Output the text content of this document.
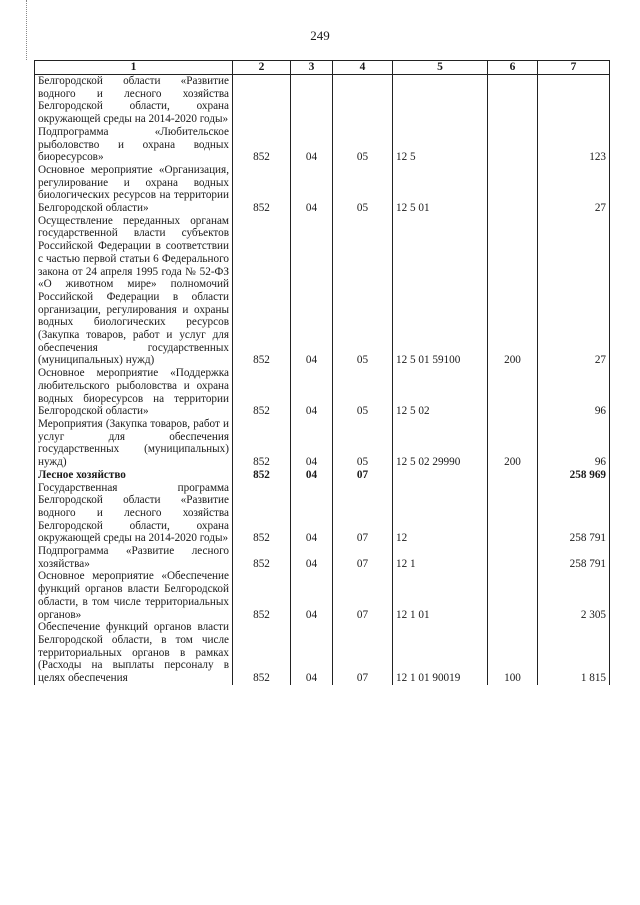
249
1	2	3	4	5	6	7
Белгородской области «Развитие водного и лесного хозяйства Белгородской области, охрана окружающей среды на 2014-2020 годы»						
Подпрограмма «Любительское рыболовство и охрана водных биоресурсов»	852	04	05	12 5		123
Основное мероприятие «Организация, регулирование и охрана водных биологических ресурсов на территории Белгородской области»	852	04	05	12 5 01		27
Осуществление переданных органам государственной власти субъектов Российской Федерации в соответствии с частью первой статьи 6 Федерального закона от 24 апреля 1995 года № 52-ФЗ «О животном мире» полномочий Российской Федерации в области организации, регулирования и охраны водных биологических ресурсов (Закупка товаров, работ и услуг для обеспечения государственных (муниципальных) нужд)	852	04	05	12 5 01 59100	200	27
Основное мероприятие «Поддержка любительского рыболовства и охрана водных биоресурсов на территории Белгородской области»	852	04	05	12 5 02		96
Мероприятия (Закупка товаров, работ и услуг для обеспечения государственных (муниципальных) нужд)	852	04	05	12 5 02 29990	200	96
Лесное хозяйство	852	04	07			258 969
Государственная программа Белгородской области «Развитие водного и лесного хозяйства Белгородской области, охрана окружающей среды на 2014-2020 годы»	852	04	07	12		258 791
Подпрограмма «Развитие лесного хозяйства»	852	04	07	12 1		258 791
Основное мероприятие «Обеспечение функций органов власти Белгородской области, в том числе территориальных органов»	852	04	07	12 1 01		2 305
Обеспечение функций органов власти Белгородской области, в том числе территориальных органов в рамках (Расходы на выплаты персоналу в целях обеспечения	852	04	07	12 1 01 90019	100	1 815
